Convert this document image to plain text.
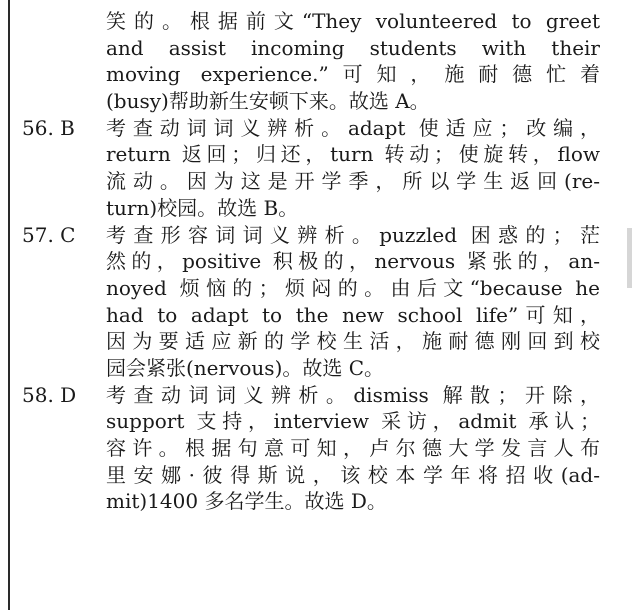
笑的。根据前文“They volunteered to greet
and assist incoming students with their
moving experience.”可知，施耐德忙着
(busy)帮助新生安顿下来。故选 A。
56. B	考查动词词义辨析。adapt 使适应；改编，
return 返回；归还，turn 转动；使旋转，flow
流动。因为这是开学季，所以学生返回(re-
turn)校园。故选 B。
57. C	考查形容词词义辨析。puzzled 困惑的；茫
然的，positive 积极的，nervous 紧张的，an-
noyed 烦恼的；烦闷的。由后文“because he
had to adapt to the new school life”可知，
因为要适应新的学校生活，施耐德刚回到校
园会紧张(nervous)。故选 C。
58. D	考查动词词义辨析。dismiss 解散；开除，
support 支持，interview 采访，admit 承认；
容许。根据句意可知，卢尔德大学发言人布
里安娜·彼得斯说，该校本学年将招收(ad-
mit)1400 多名学生。故选 D。
